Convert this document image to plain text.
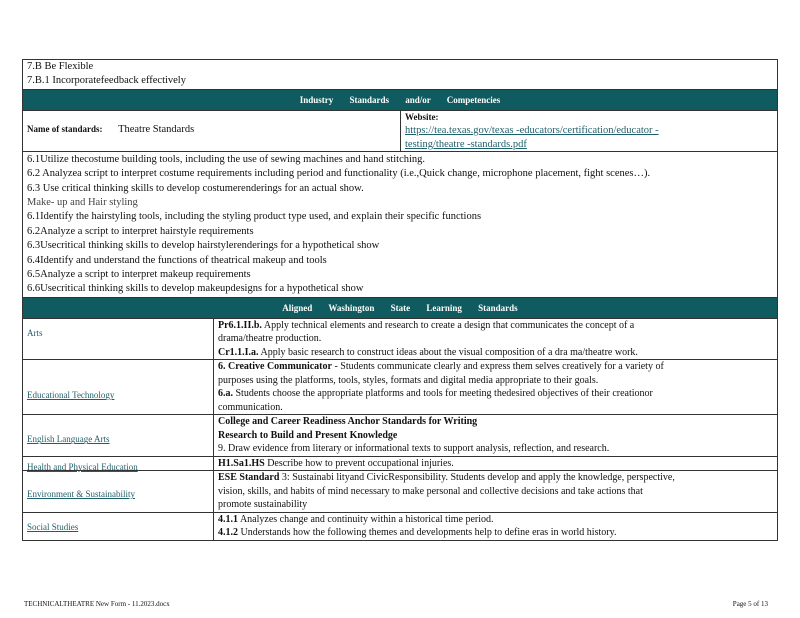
7.B Be Flexible
7.B.1 Incorporatefeedback effectively
Industry Standards and/or Competencies
Name of standards: Theatre Standards
Website:
https://tea.texas.gov/texas -educators/certification/educator -
testing/theatre -standards.pdf
6.1Utilize thecostume building tools, including the use of sewing machines and hand stitching.
6.2 Analyzea script to interpret costume requirements including period and functionality (i.e.,Quick change, microphone placement, fight scenes…).
6.3 Use critical thinking skills to develop costumerenderings for an actual show.
Make- up and Hair styling
6.1Identify the hairstyling tools, including the styling product type used, and explain their specific functions
6.2Analyze a script to interpret hairstyle requirements
6.3Usecritical thinking skills to develop hairstylerenderings for a hypothetical show
6.4Identify and understand the functions of theatrical makeup and tools
6.5Analyze a script to interpret makeup requirements
6.6Usecritical thinking skills to develop makeupdesigns for a hypothetical show
Aligned Washington State Learning Standards
Arts
Pr6.1.II.b. Apply technical elements and research to create a design that communicates the concept of a
drama/theatre production.
Cr1.1.I.a. Apply basic research to construct ideas about the visual composition of a dra ma/theatre work.
Educational Technology
6. Creative Communicator - Students communicate clearly and express them selves creatively for a variety of
purposes using the platforms, tools, styles, formats and digital media appropriate to their goals.
6.a. Students choose the appropriate platforms and tools for meeting thedesired objectives of their creationor
communication.
English Language Arts
College and Career Readiness Anchor Standards for Writing
Research to Build and Present Knowledge
9. Draw evidence from literary or informational texts to support analysis, reflection, and research.
Health and Physical Education	H1.Sa1.HS Describe how to prevent occupational injuries.
Environment & Sustainability
ESE Standard 3: Sustainabi lityand CivicResponsibility. Students develop and apply the knowledge, perspective,
vision, skills, and habits of mind necessary to make personal and collective decisions and take actions that
promote sustainability
Social Studies
4.1.1 Analyzes change and continuity within a historical time period.
4.1.2 Understands how the following themes and developments help to define eras in world history.
TECHNICALTHEATRE New Form - 11.2023.docx	Page 5 of 13
